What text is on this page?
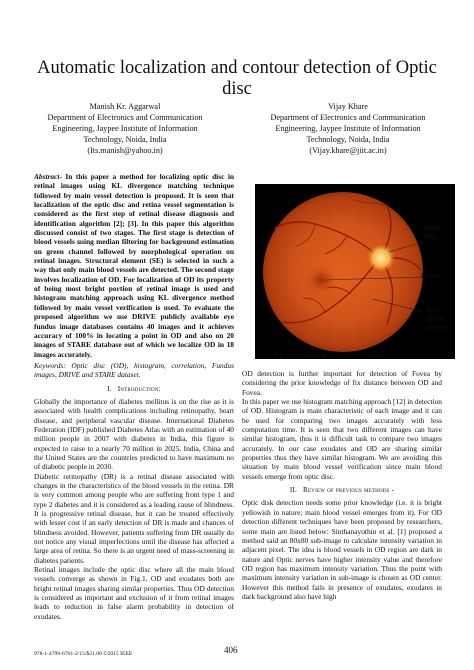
Automatic localization and contour detection of Optic disc
Manish Kr. Aggarwal
Department of Electronics and Communication
Engineering, Jaypee Institute of Information
Technology, Noida, India
(Its.manish@yahoo.in)
Vijay Khare
Department of Electronics and Communication
Engineering, Jaypee Institute of Information
Technology, Noida, India
(Vijay.khare@jiit.ac.in)

Abstract- In this paper a method for localizing optic disc in retinal images using KL divergence matching technique followed by main vessel detection is proposed. It is seen that localization of the optic disc and retina vessel segmentation is considered as the first step of retinal disease diagnosis and identification algorithm [2]; [3]. In this paper this algorithm discussed consist of two stages. The first stage is detection of blood vessels using median filtering for background estimation on green channel followed by morphological operation on retinal images. Structural element (SE) is selected in such a way that only main blood vessels are detected. The second stage involves localization of OD. For localization of OD its property of being most bright portion of retinal image is used and histogram matching approach using KL divergence method followed by main vessel verification is used. To evaluate the proposed algorithm we use DRIVE publicly available eye fundus image databases contains 40 images and it achieves accuracy of 100% in locating a point in OD and also on 20 images of STARE database out of which we localize OD in 18 images accurately.

Keywords: Optic disc (OD), histogram, correlation, Fundus images, DRIVE and STARE dataset.

I. Introduction:

Globally the importance of diabetes mellitus is on the rise as it is associated with health complications including retinopathy, heart disease, and peripheral vascular disease. International Diabetes Federation (IDF) published Diabetes Atlas with an estimation of 40 million people in 2007 with diabetes in India, this figure is expected to raise to a nearly 70 million in 2025. India, China and the United States are the countries predicted to have maximum no of diabetic people in 2030.

Diabetic retinopathy (DR) is a retinal disease associated with changes in the characteristics of the blood vessels in the retina. DR is very common among people who are suffering from type 1 and type 2 diabetes and it is considered as a leading cause of blindness. It is progressive retinal disease, but it can be treated effectively with lesser cost if an early detection of DR is made and chances of blindness avoided. However, patients suffering from DR usually do not notice any visual imperfections until the disease has affected a large area of retina. So there is an urgent need of mass-screening in diabetes patients.

Retinal images include the optic disc where all the main blood vessels converge as shown in Fig.1. OD and exudates both are bright retinal images sharing similar properties. Thus OD detection is considered as important and exclusion of it from retinal images leads to reduction in false alarm probability in detection of exudates.

Optic
Disc
Fovea
Main
Blood
Vessel
Fig. 1 Retinal image from DRIVE dataset.

OD detection is further important for detection of Fovea by considering the prior knowledge of fix distance between OD and Fovea.

In this paper we use histogram matching approach [12] in detection of OD. Histogram is main characteristic of each image and it can be used for comparing two images accurately with less computation time. It is seen that two different images can have similar histogram, thus it is difficult task to compare two images accurately. In our case exudates and OD are sharing similar properties thus they have similar histogram. We are avoiding this situation by main blood vessel verification since main blood vessels emerge from optic disc.

II. Review of previous methods -

Optic disk detection needs some prior knowledge (i.e. it is bright yellowish in nature; main blood vessel emerges from it). For OD detection different techniques have been proposed by researchers, some main are listed below: Sinthanayothin et al. [1] proposed a method said an 80x80 sub-image to calculate intensity variation in adjacent pixel. The idea is blood vessels in OD region are dark in nature and Optic nerves have higher intensity value and therefore OD region has maximum intensity variation. Thus the point with maximum intensity variation in sub-image is chosen as OD center. However this method fails in presence of exudates, exudates in dark background also have high

978-1-4799-6761-2/15/$31.00 ©2015 IEEE	406
